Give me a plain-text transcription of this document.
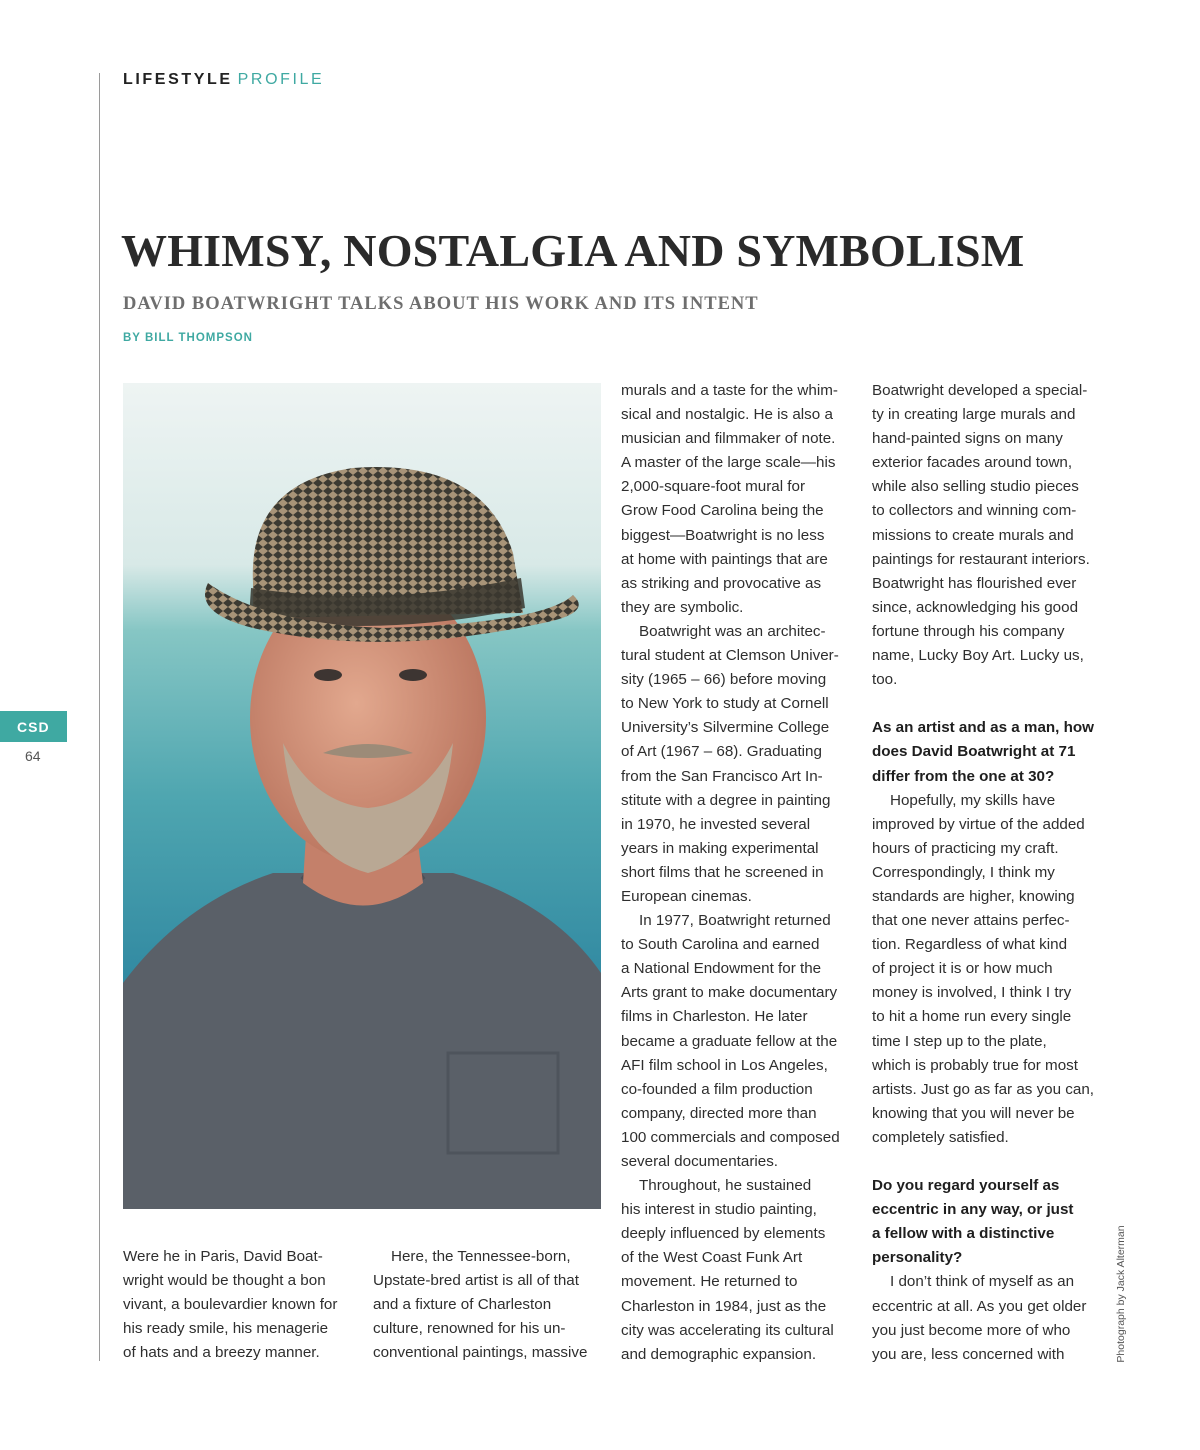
LIFESTYLE PROFILE
WHIMSY, NOSTALGIA AND SYMBOLISM
DAVID BOATWRIGHT TALKS ABOUT HIS WORK AND ITS INTENT
BY BILL THOMPSON

Were he in Paris, David Boat-
wright would be thought a bon
vivant, a boulevardier known for
his ready smile, his menagerie
of hats and a breezy manner.

Here, the Tennessee-born,
Upstate-bred artist is all of that
and a fixture of Charleston
culture, renowned for his un-
conventional paintings, massive

murals and a taste for the whim-
sical and nostalgic. He is also a
musician and filmmaker of note.
A master of the large scale—his
2,000-square-foot mural for
Grow Food Carolina being the
biggest—Boatwright is no less
at home with paintings that are
as striking and provocative as
they are symbolic.

Boatwright was an architec-
tural student at Clemson Univer-
sity (1965 – 66) before moving
to New York to study at Cornell
University’s Silvermine College
of Art (1967 – 68). Graduating
from the San Francisco Art In-
stitute with a degree in painting
in 1970, he invested several
years in making experimental
short films that he screened in
European cinemas.

In 1977, Boatwright returned
to South Carolina and earned
a National Endowment for the
Arts grant to make documentary
films in Charleston. He later
became a graduate fellow at the
AFI film school in Los Angeles,
co-founded a film production
company, directed more than
100 commercials and composed
several documentaries.

Throughout, he sustained
his interest in studio painting,
deeply influenced by elements
of the West Coast Funk Art
movement. He returned to
Charleston in 1984, just as the
city was accelerating its cultural
and demographic expansion.

Boatwright developed a special-
ty in creating large murals and
hand-painted signs on many
exterior facades around town,
while also selling studio pieces
to collectors and winning com-
missions to create murals and
paintings for restaurant interiors.
Boatwright has flourished ever
since, acknowledging his good
fortune through his company
name, Lucky Boy Art. Lucky us,
too.

As an artist and as a man, how
does David Boatwright at 71
differ from the one at 30?

Hopefully, my skills have
improved by virtue of the added
hours of practicing my craft.
Correspondingly, I think my
standards are higher, knowing
that one never attains perfec-
tion. Regardless of what kind
of project it is or how much
money is involved, I think I try
to hit a home run every single
time I step up to the plate,
which is probably true for most
artists. Just go as far as you can,
knowing that you will never be
completely satisfied.

Do you regard yourself as
eccentric in any way, or just
a fellow with a distinctive
personality?

I don’t think of myself as an
eccentric at all. As you get older
you just become more of who
you are, less concerned with

CSD
64
Photograph by Jack Alterman
